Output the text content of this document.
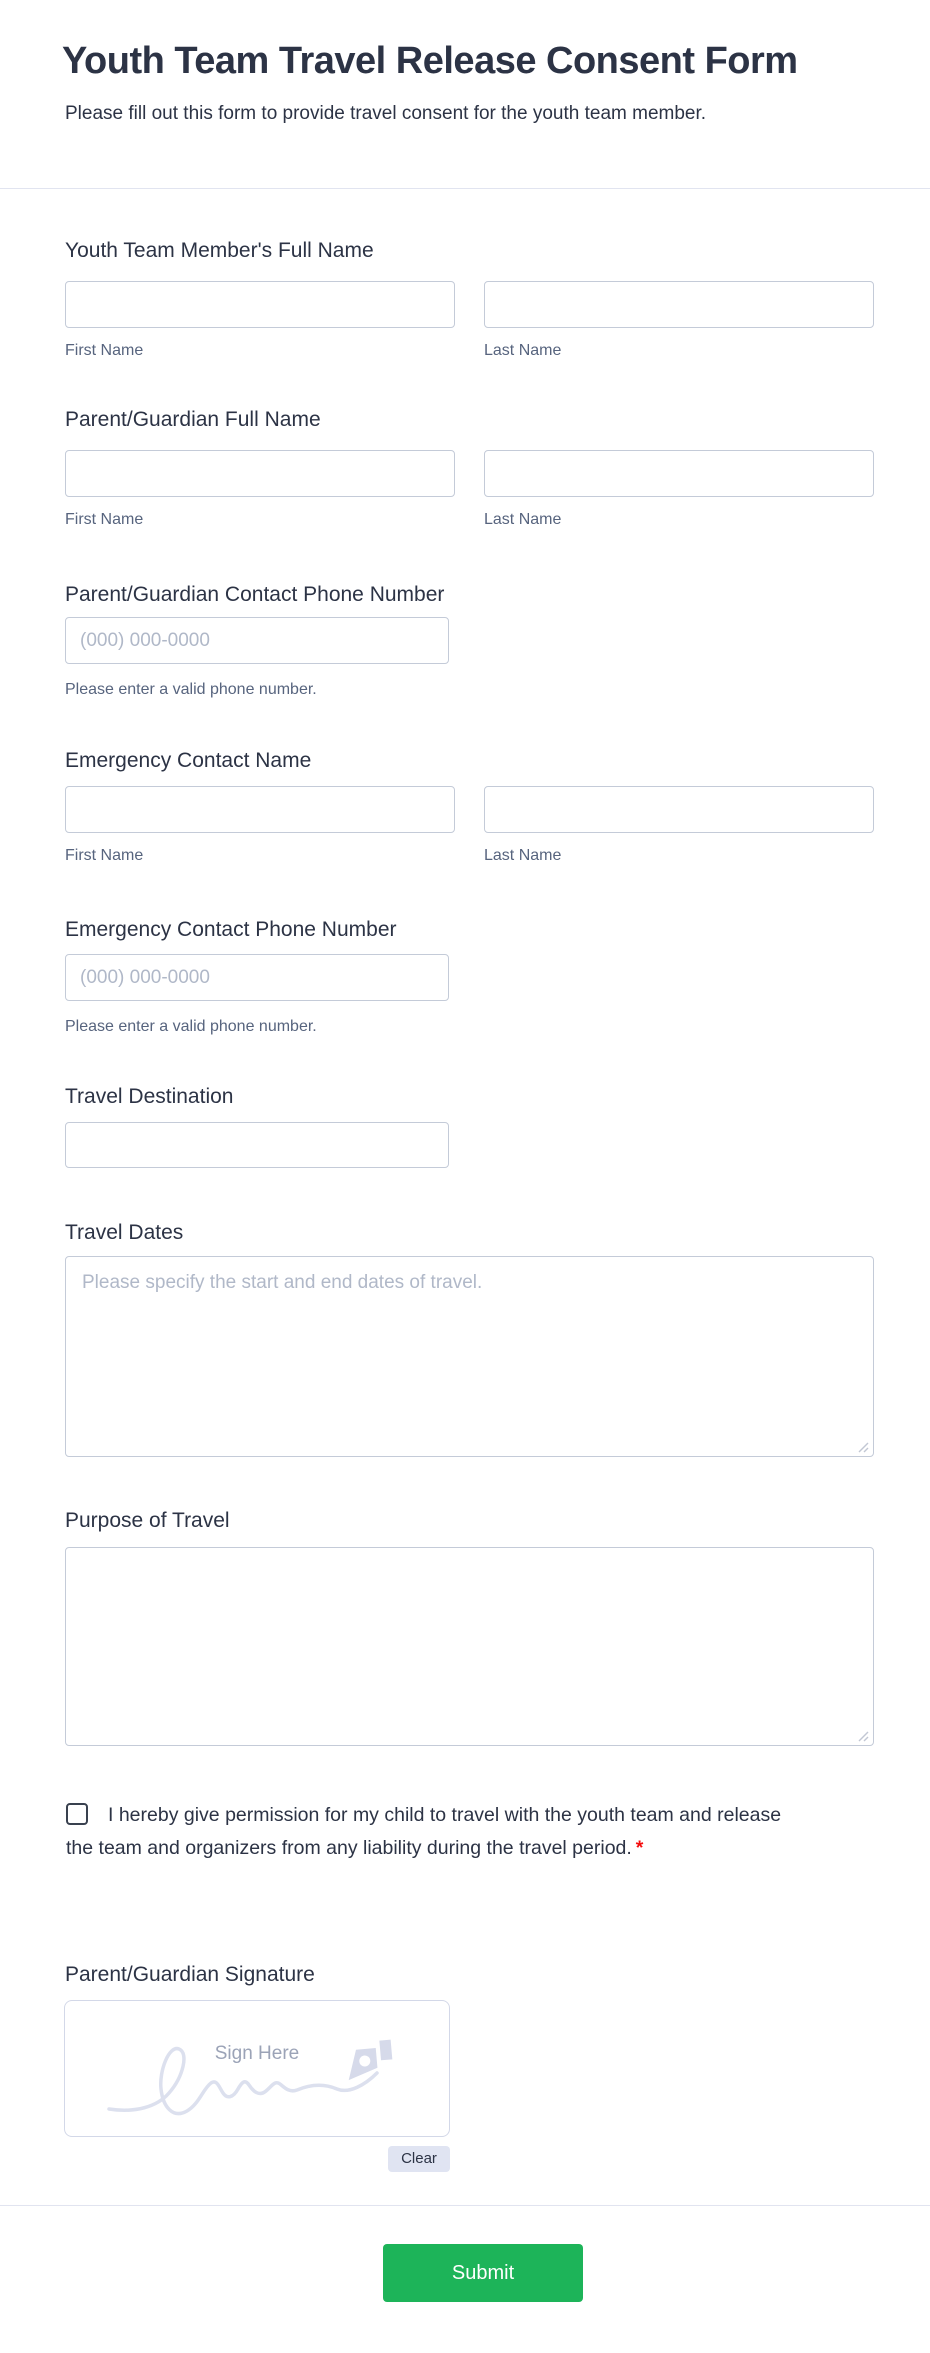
Youth Team Travel Release Consent Form
Please fill out this form to provide travel consent for the youth team member.
Youth Team Member's Full Name
First Name	Last Name
Parent/Guardian Full Name
First Name	Last Name
Parent/Guardian Contact Phone Number
(000) 000-0000
Please enter a valid phone number.
Emergency Contact Name
First Name	Last Name
Emergency Contact Phone Number
(000) 000-0000
Please enter a valid phone number.
Travel Destination
Travel Dates
Please specify the start and end dates of travel.
Purpose of Travel
I hereby give permission for my child to travel with the youth team and release the team and organizers from any liability during the travel period. *
Parent/Guardian Signature
Sign Here
Clear
Submit
